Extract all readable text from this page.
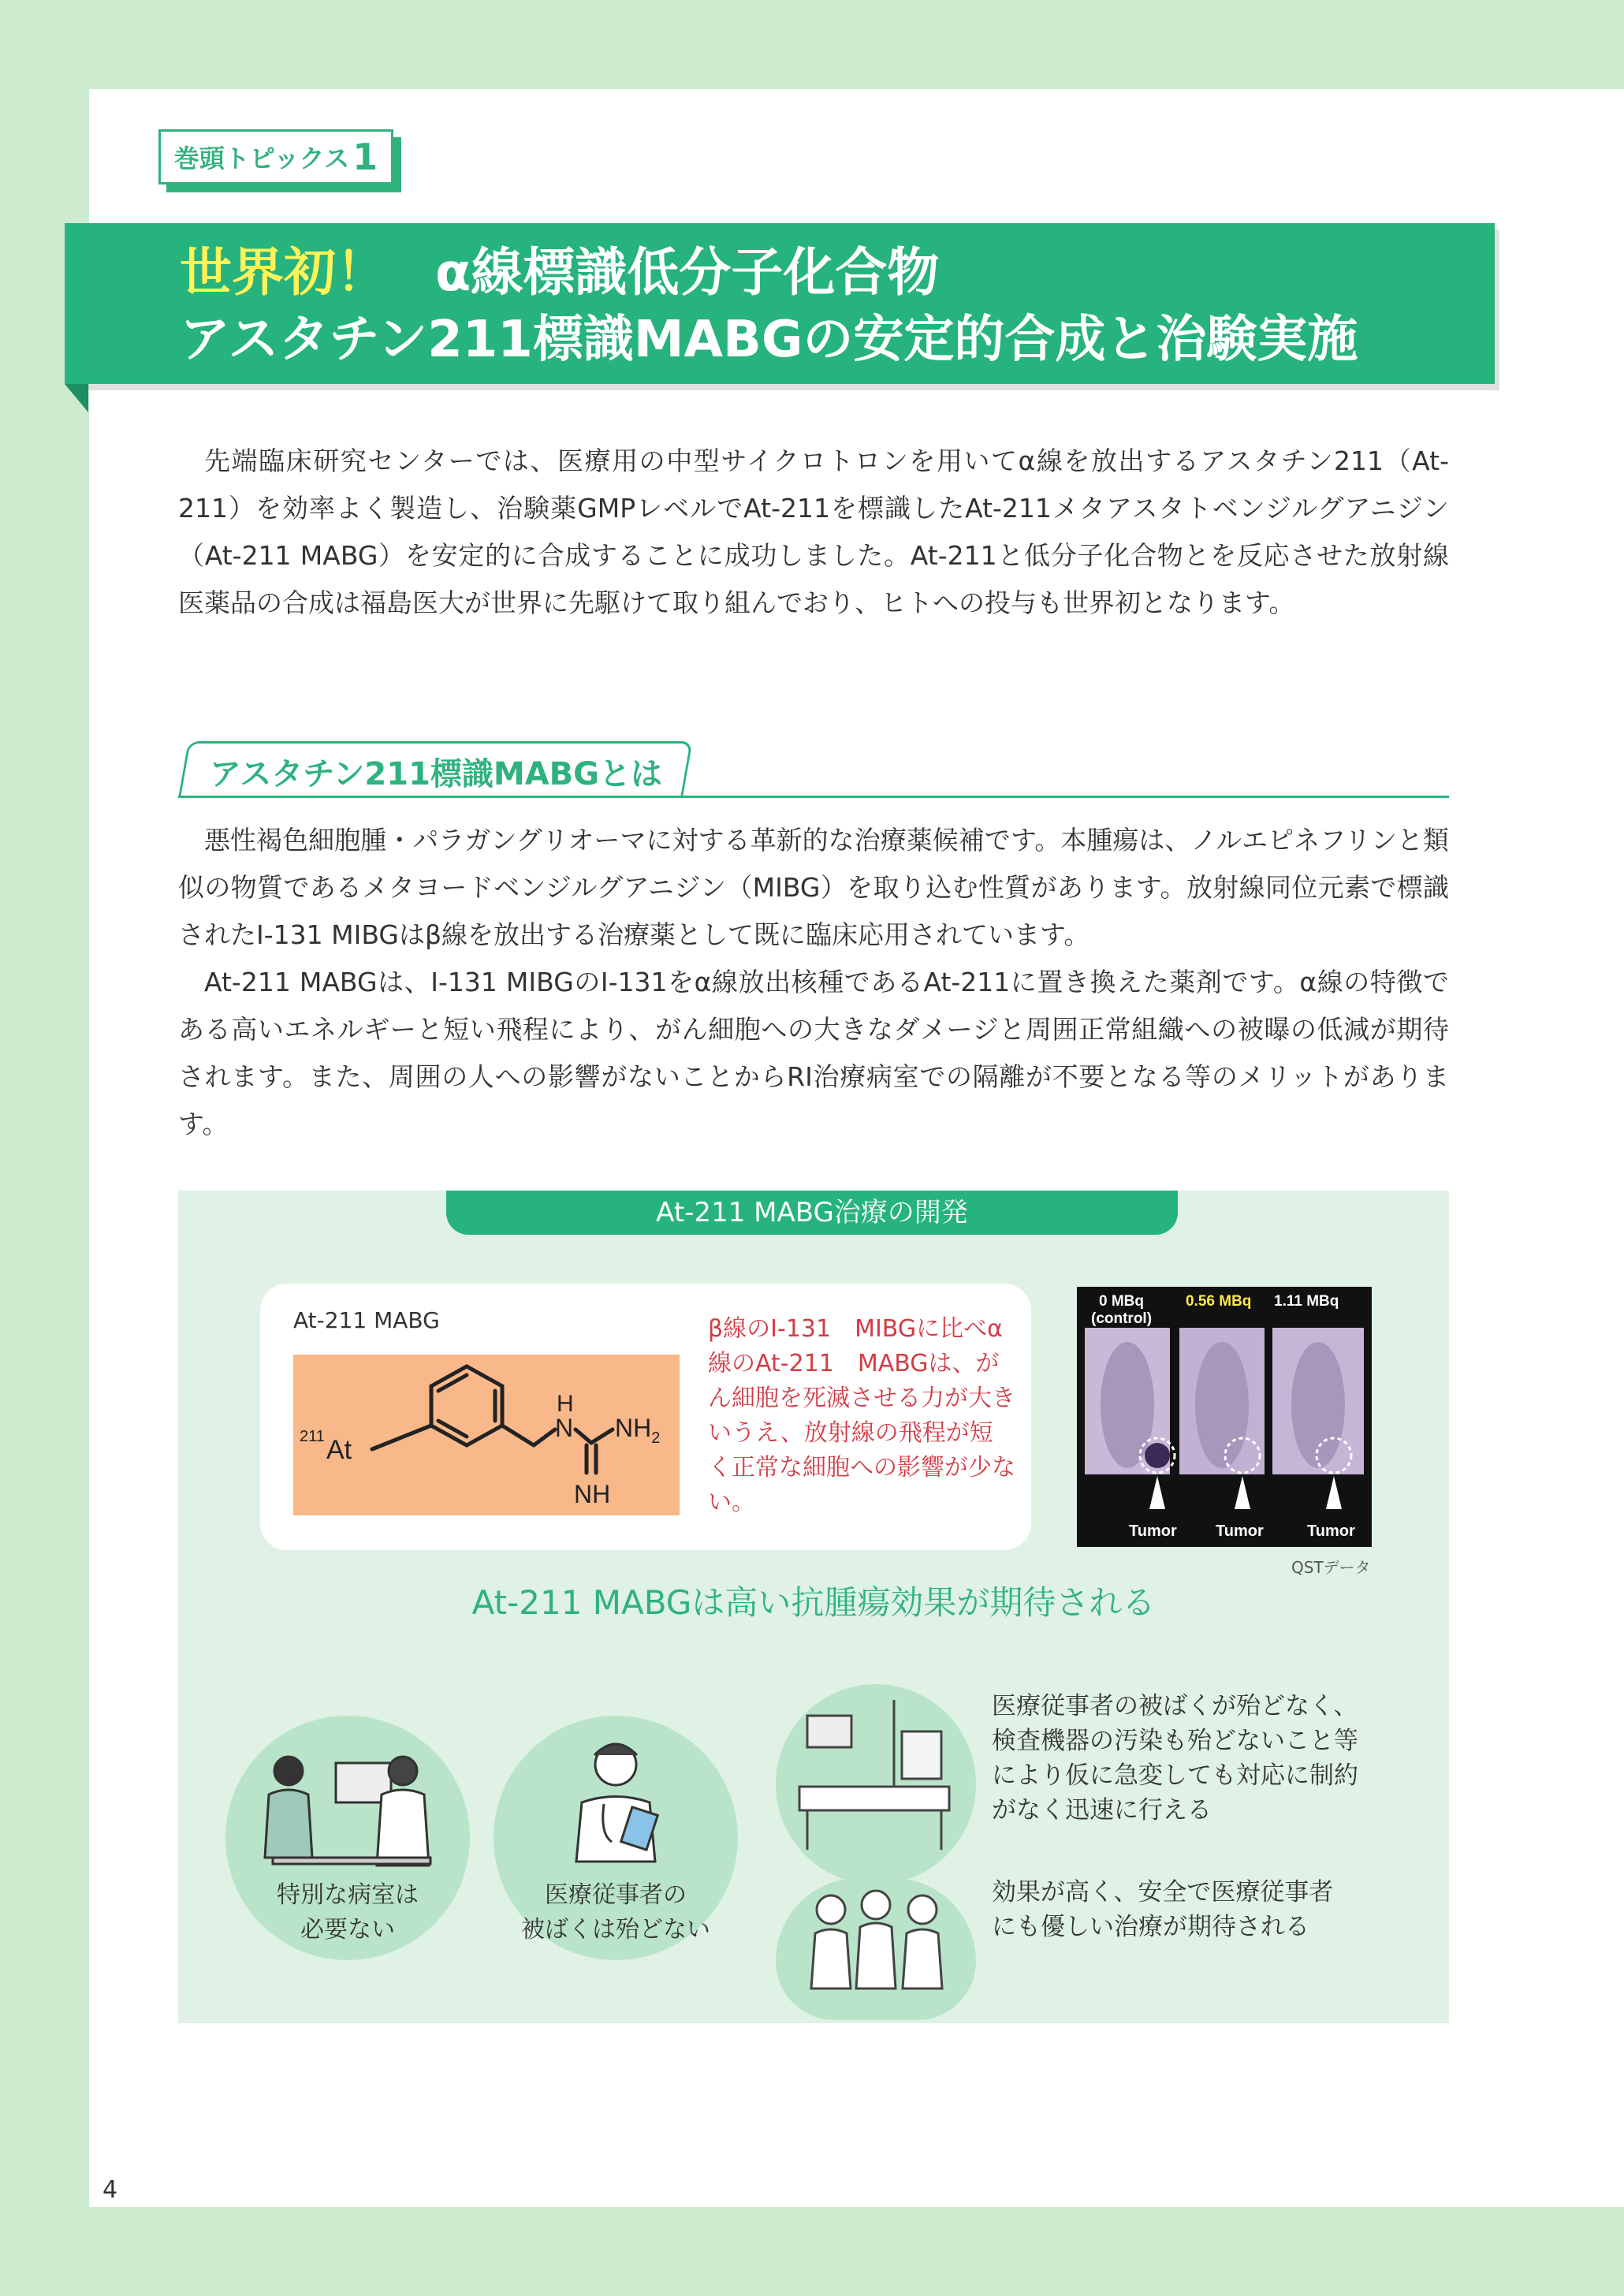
巻頭トピックス 1
世界初！ α線標識低分子化合物
アスタチン211標識MABGの安定的合成と治験実施

先端臨床研究センターでは、医療用の中型サイクロトロンを用いてα線を放出するアスタチン211（At-211）を効率よく製造し、治験薬GMPレベルでAt-211を標識したAt-211メタアスタトベンジルグアニジン（At-211 MABG）を安定的に合成することに成功しました。At-211と低分子化合物とを反応させた放射線医薬品の合成は福島医大が世界に先駆けて取り組んでおり、ヒトへの投与も世界初となります。

アスタチン211標識MABGとは

悪性褐色細胞腫・パラガングリオーマに対する革新的な治療薬候補です。本腫瘍は、ノルエピネフリンと類似の物質であるメタヨードベンジルグアニジン（MIBG）を取り込む性質があります。放射線同位元素で標識されたI-131 MIBGはβ線を放出する治療薬として既に臨床応用されています。

At-211 MABGは、I-131 MIBGのI-131をα線放出核種であるAt-211に置き換えた薬剤です。α線の特徴である高いエネルギーと短い飛程により、がん細胞への大きなダメージと周囲正常組織への被曝の低減が期待されます。また、周囲の人への影響がないことからRI治療病室での隔離が不要となる等のメリットがあります。

At-211 MABG治療の開発
At-211 MABG
211 At
H
N $NH_2$
NH
β線のI-131　MIBGに比べα線のAt-211　MABGは、がん細胞を死滅させる力が大きいうえ、放射線の飛程が短く正常な細胞への影響が少ない。
0 MBq
(control)
0.56 MBq 1.11 MBq
Tumor Tumor	Tumor
QSTデータ
At-211 MABGは高い抗腫瘍効果が期待される
特別な病室は
必要ない
医療従事者の
被ばくは殆どない
医療従事者の被ばくが殆どなく、
検査機器の汚染も殆どないこと等
により仮に急変しても対応に制約
がなく迅速に行える
効果が高く、安全で医療従事者
にも優しい治療が期待される
4
